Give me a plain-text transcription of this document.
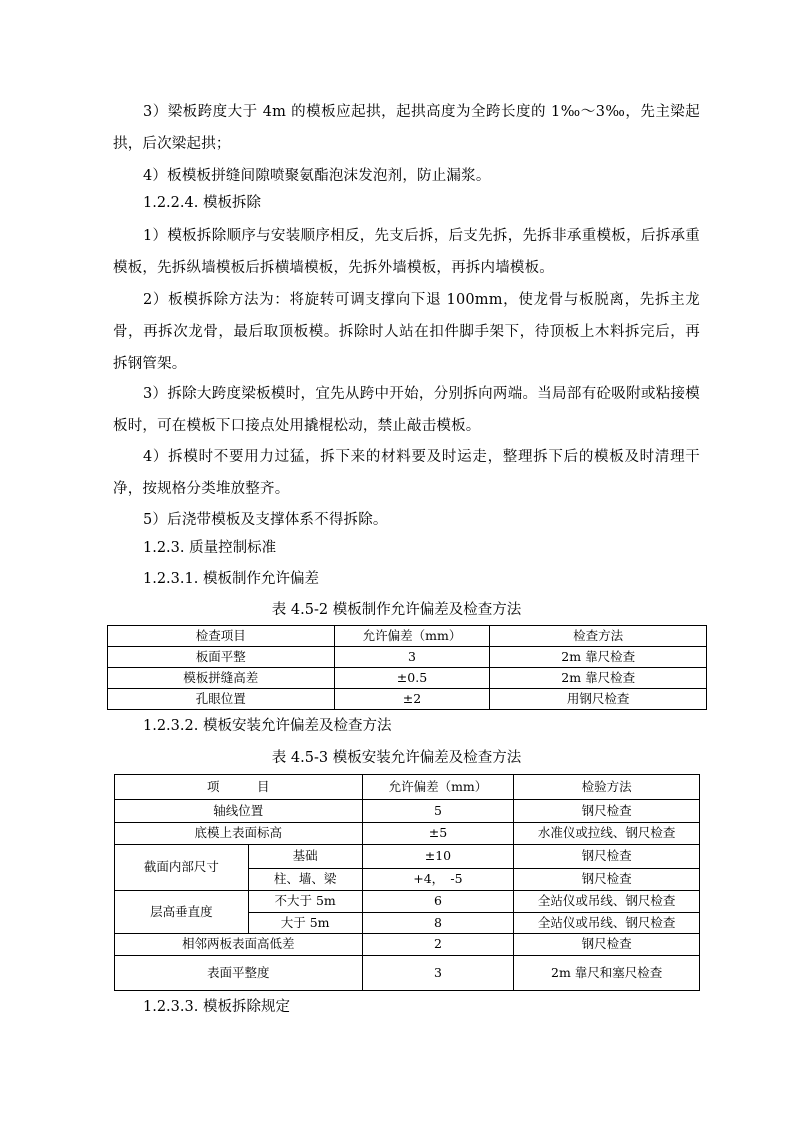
3）梁板跨度大于 4m 的模板应起拱，起拱高度为全跨长度的 1‰～3‰，先主梁起拱，后次梁起拱；

4）板模板拼缝间隙喷聚氨酯泡沫发泡剂，防止漏浆。

1.2.2.4. 模板拆除

1）模板拆除顺序与安装顺序相反，先支后拆，后支先拆，先拆非承重模板，后拆承重模板，先拆纵墙模板后拆横墙模板，先拆外墙模板，再拆内墙模板。

2）板模拆除方法为：将旋转可调支撑向下退 100mm，使龙骨与板脱离，先拆主龙骨，再拆次龙骨，最后取顶板模。拆除时人站在扣件脚手架下，待顶板上木料拆完后，再拆钢管架。

3）拆除大跨度梁板模时，宜先从跨中开始，分别拆向两端。当局部有砼吸附或粘接模板时，可在模板下口接点处用撬棍松动，禁止敲击模板。

4）拆模时不要用力过猛，拆下来的材料要及时运走，整理拆下后的模板及时清理干净，按规格分类堆放整齐。

5）后浇带模板及支撑体系不得拆除。

1.2.3. 质量控制标准

1.2.3.1. 模板制作允许偏差

表 4.5-2 模板制作允许偏差及检查方法

检查项目	允许偏差（mm）	检查方法
板面平整	3	2m 靠尺检查
模板拼缝高差	±0.5	2m 靠尺检查
孔眼位置	±2	用钢尺检查

1.2.3.2. 模板安装允许偏差及检查方法

表 4.5-3 模板安装允许偏差及检查方法

项　　　目		允许偏差（mm）	检验方法
轴线位置		5	钢尺检查
底模上表面标高		±5	水准仪或拉线、钢尺检查
截面内部尺寸	基础	±10	钢尺检查
	柱、墙、梁	+4，　-5	钢尺检查
层高垂直度	不大于 5m	6	全站仪或吊线、钢尺检查
	大于 5m	8	全站仪或吊线、钢尺检查
相邻两板表面高低差		2	钢尺检查
表面平整度		3	2m 靠尺和塞尺检查

1.2.3.3. 模板拆除规定
